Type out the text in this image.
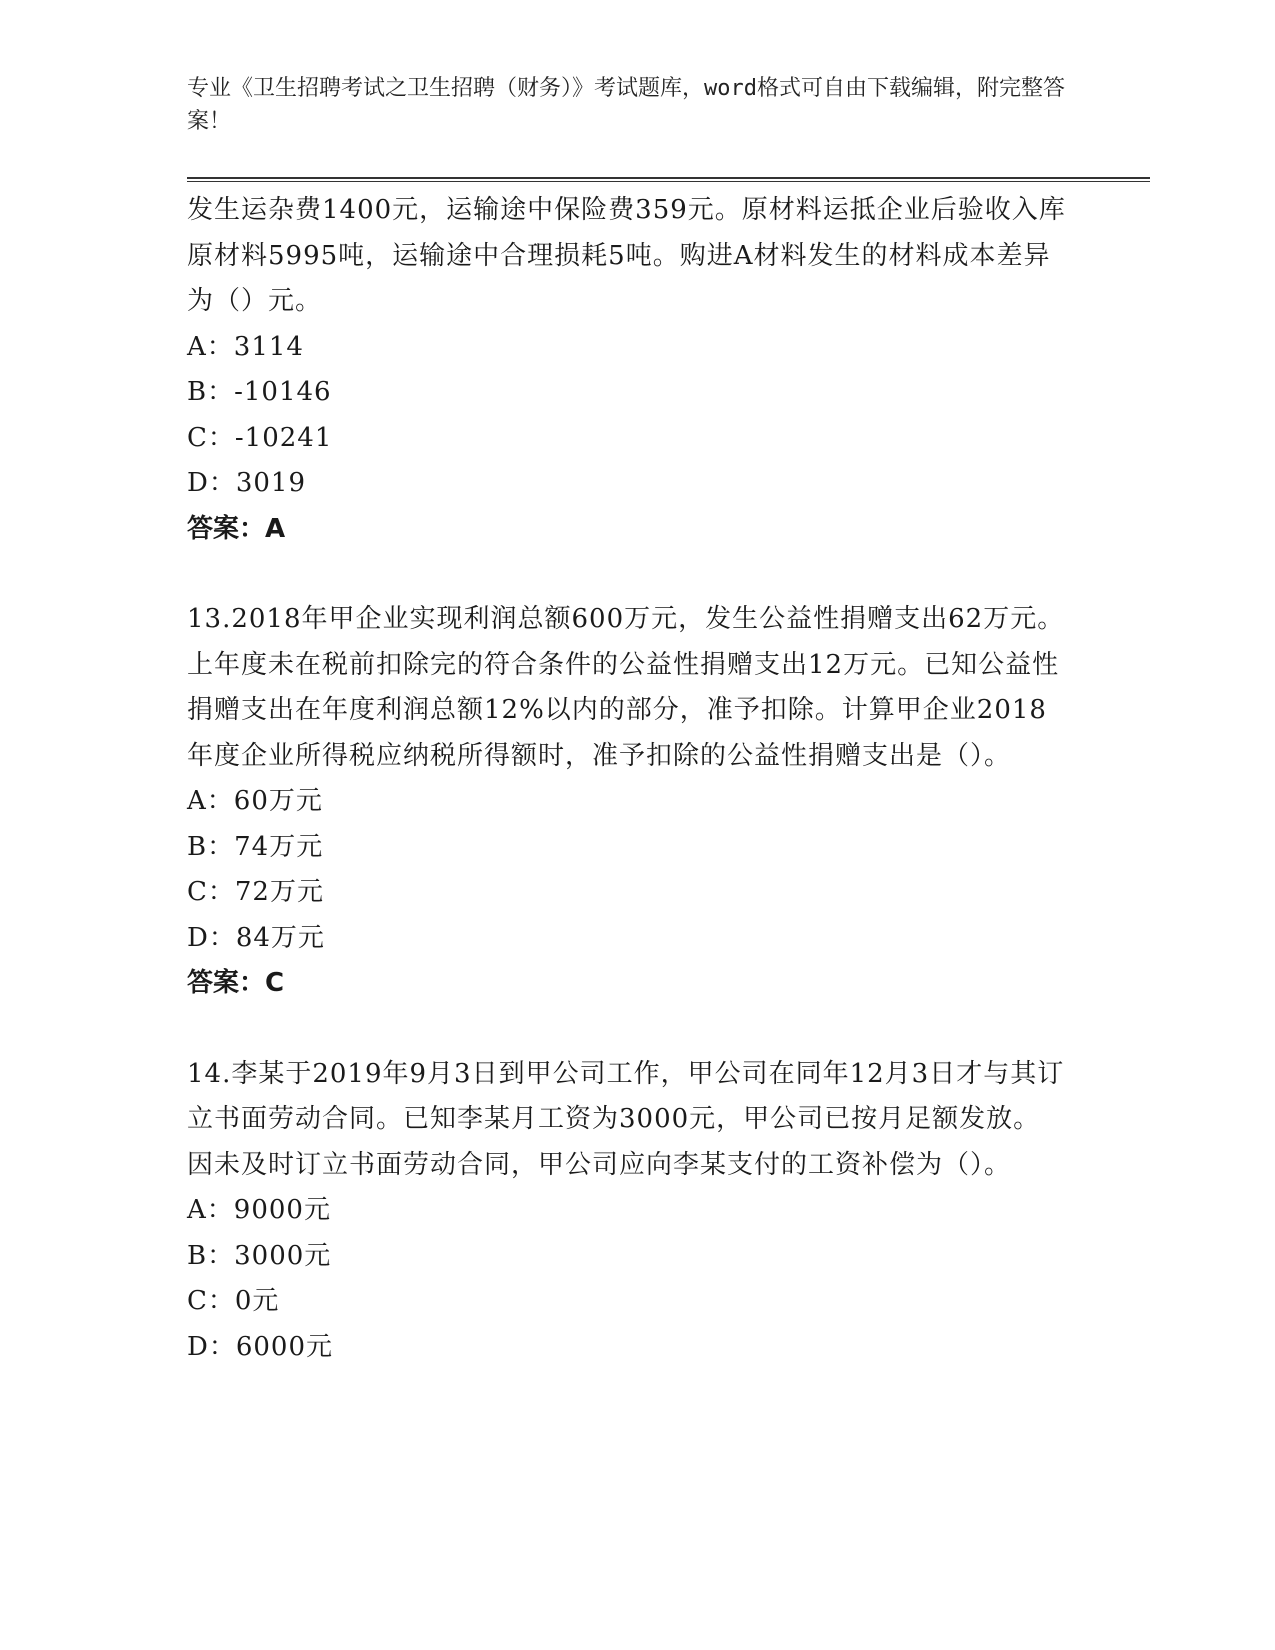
专业《卫生招聘考试之卫生招聘（财务）》考试题库，word格式可自由下载编辑，附完整答案！

发生运杂费1400元，运输途中保险费359元。原材料运抵企业后验收入库原材料5995吨，运输途中合理损耗5吨。购进A材料发生的材料成本差异为（）元。

A：3114

B：-10146

C：-10241

D：3019

答案：A

13.2018年甲企业实现利润总额600万元，发生公益性捐赠支出62万元。上年度未在税前扣除完的符合条件的公益性捐赠支出12万元。已知公益性捐赠支出在年度利润总额12%以内的部分，准予扣除。计算甲企业2018年度企业所得税应纳税所得额时，准予扣除的公益性捐赠支出是（）。

A：60万元

B：74万元

C：72万元

D：84万元

答案：C

14.李某于2019年9月3日到甲公司工作，甲公司在同年12月3日才与其订立书面劳动合同。已知李某月工资为3000元，甲公司已按月足额发放。因未及时订立书面劳动合同，甲公司应向李某支付的工资补偿为（）。

A：9000元

B：3000元

C：0元

D：6000元
